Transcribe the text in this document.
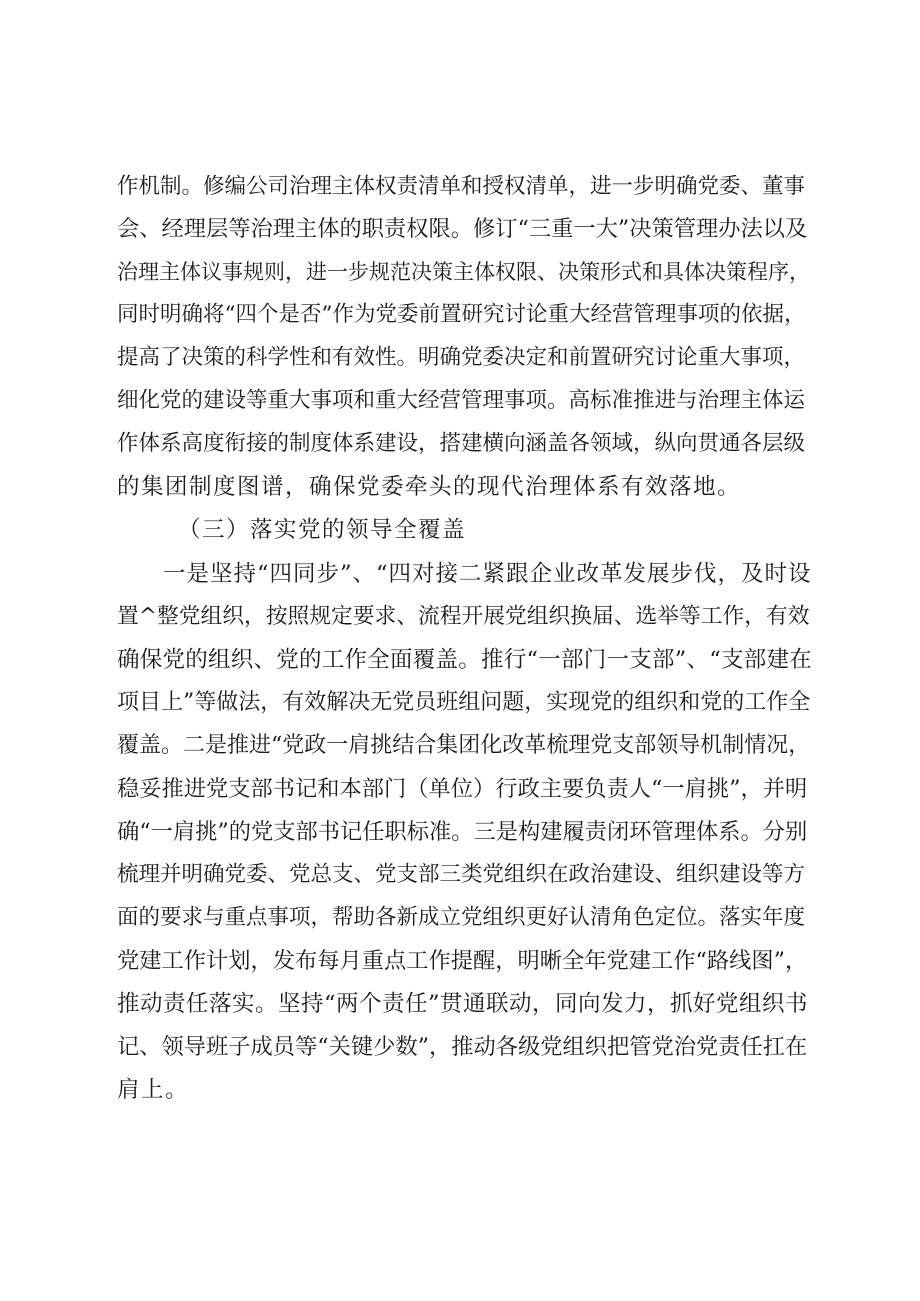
作机制。修编公司治理主体权责清单和授权清单，进一步明确党委、董事
会、经理层等治理主体的职责权限。修订“三重一大”决策管理办法以及
治理主体议事规则，进一步规范决策主体权限、决策形式和具体决策程序，
同时明确将“四个是否”作为党委前置研究讨论重大经营管理事项的依据，
提高了决策的科学性和有效性。明确党委决定和前置研究讨论重大事项，
细化党的建设等重大事项和重大经营管理事项。高标准推进与治理主体运
作体系高度衔接的制度体系建设，搭建横向涵盖各领域，纵向贯通各层级
的集团制度图谱，确保党委牵头的现代治理体系有效落地。
（三）落实党的领导全覆盖
一是坚持“四同步”、“四对接二紧跟企业改革发展步伐，及时设
置^整党组织，按照规定要求、流程开展党组织换届、选举等工作，有效
确保党的组织、党的工作全面覆盖。推行“一部门一支部”、“支部建在
项目上”等做法，有效解决无党员班组问题，实现党的组织和党的工作全
覆盖。二是推进“党政一肩挑结合集团化改革梳理党支部领导机制情况，
稳妥推进党支部书记和本部门（单位）行政主要负责人“一肩挑”，并明
确“一肩挑”的党支部书记任职标准。三是构建履责闭环管理体系。分别
梳理并明确党委、党总支、党支部三类党组织在政治建设、组织建设等方
面的要求与重点事项，帮助各新成立党组织更好认清角色定位。落实年度
党建工作计划，发布每月重点工作提醒，明晰全年党建工作“路线图”，
推动责任落实。坚持“两个责任”贯通联动，同向发力，抓好党组织书
记、领导班子成员等“关键少数”，推动各级党组织把管党治党责任扛在
肩上。
